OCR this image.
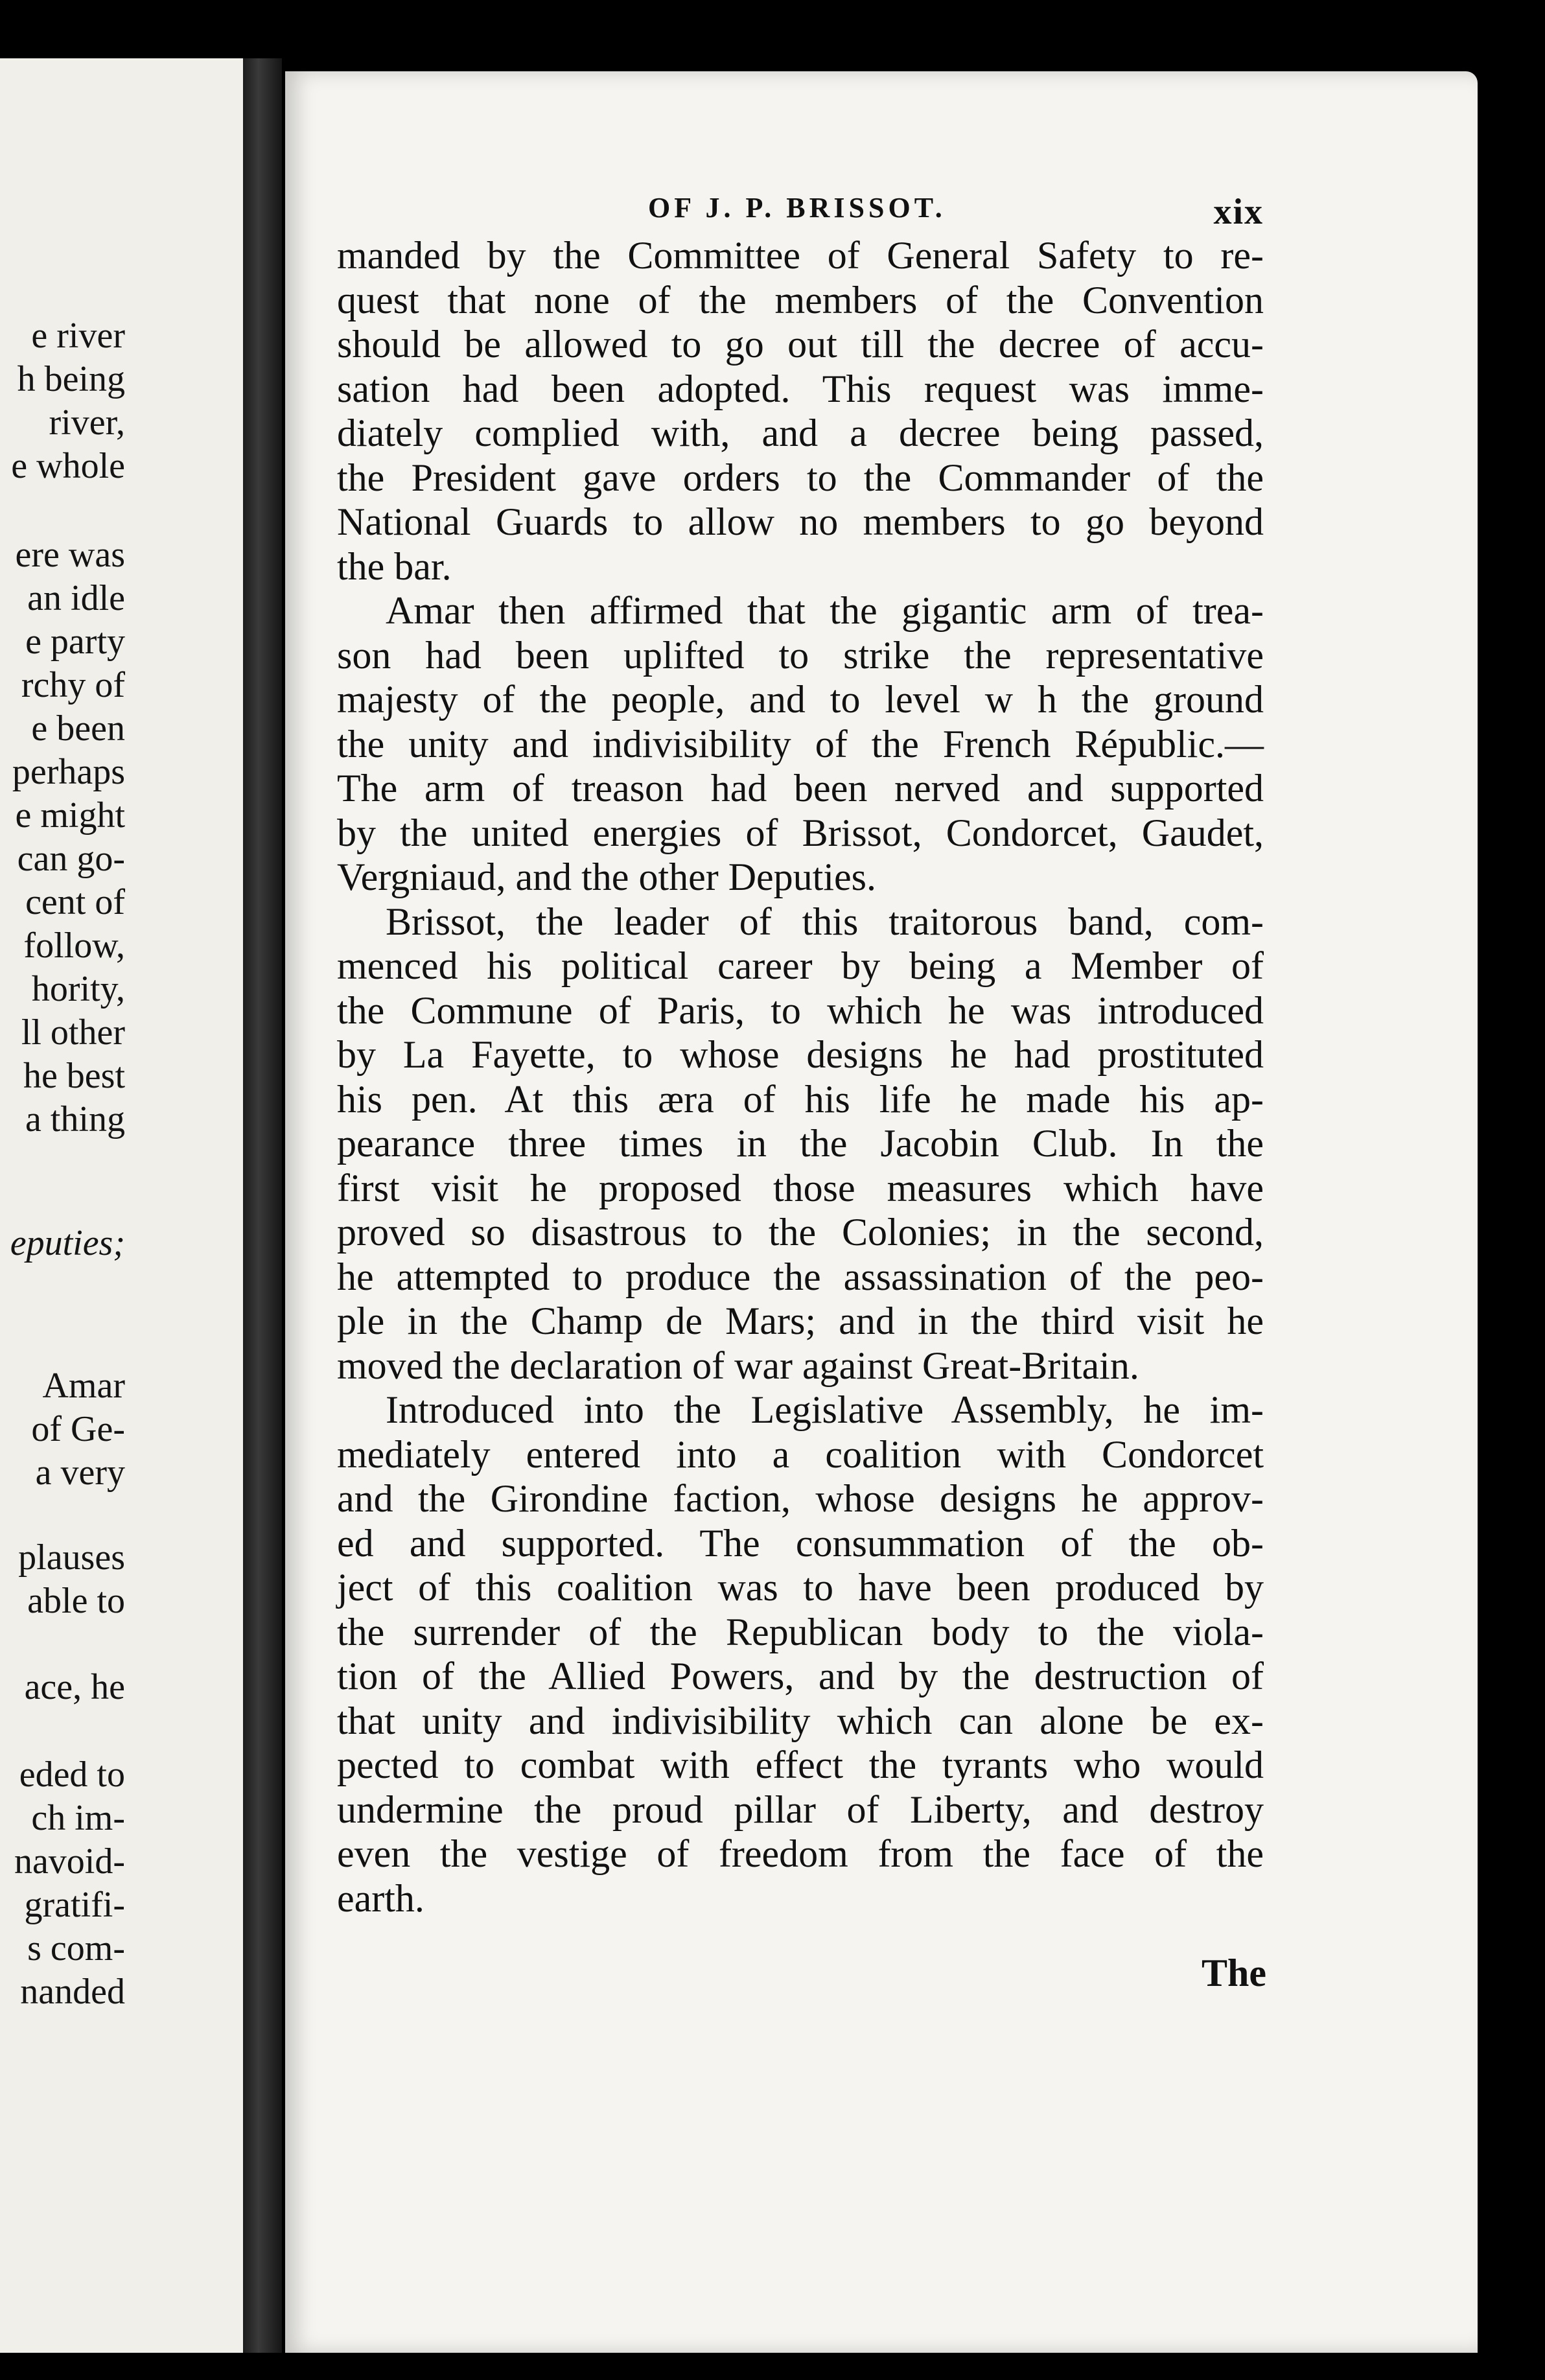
e river
h being
river,
e whole
ere was
an idle
e party
rchy of
e been
perhaps
e might
can go-
cent of
follow,
hority,
ll other
he best
a thing
eputies;
Amar
of Ge-
a very
plauses
able to
ace, he
eded to
ch im-
navoid-
gratifi-
s com-
nanded
OF J. P. BRISSOT.	xix
manded by the Committee of General Safety to re-
quest that none of the members of the Convention
should be allowed to go out till the decree of accu-
sation had been adopted. This request was imme-
diately complied with, and a decree being passed,
the President gave orders to the Commander of the
National Guards to allow no members to go beyond
the bar.
Amar then affirmed that the gigantic arm of trea-
son had been uplifted to strike the representative
majesty of the people, and to level w h the ground
the unity and indivisibility of the French Républic.—
The arm of treason had been nerved and supported
by the united energies of Brissot, Condorcet, Gaudet,
Vergniaud, and the other Deputies.
Brissot, the leader of this traitorous band, com-
menced his political career by being a Member of
the Commune of Paris, to which he was introduced
by La Fayette, to whose designs he had prostituted
his pen. At this æra of his life he made his ap-
pearance three times in the Jacobin Club. In the
first visit he proposed those measures which have
proved so disastrous to the Colonies; in the second,
he attempted to produce the assassination of the peo-
ple in the Champ de Mars; and in the third visit he
moved the declaration of war against Great-Britain.
Introduced into the Legislative Assembly, he im-
mediately entered into a coalition with Condorcet
and the Girondine faction, whose designs he approv-
ed and supported. The consummation of the ob-
ject of this coalition was to have been produced by
the surrender of the Republican body to the viola-
tion of the Allied Powers, and by the destruction of
that unity and indivisibility which can alone be ex-
pected to combat with effect the tyrants who would
undermine the proud pillar of Liberty, and destroy
even the vestige of freedom from the face of the
earth.
The
